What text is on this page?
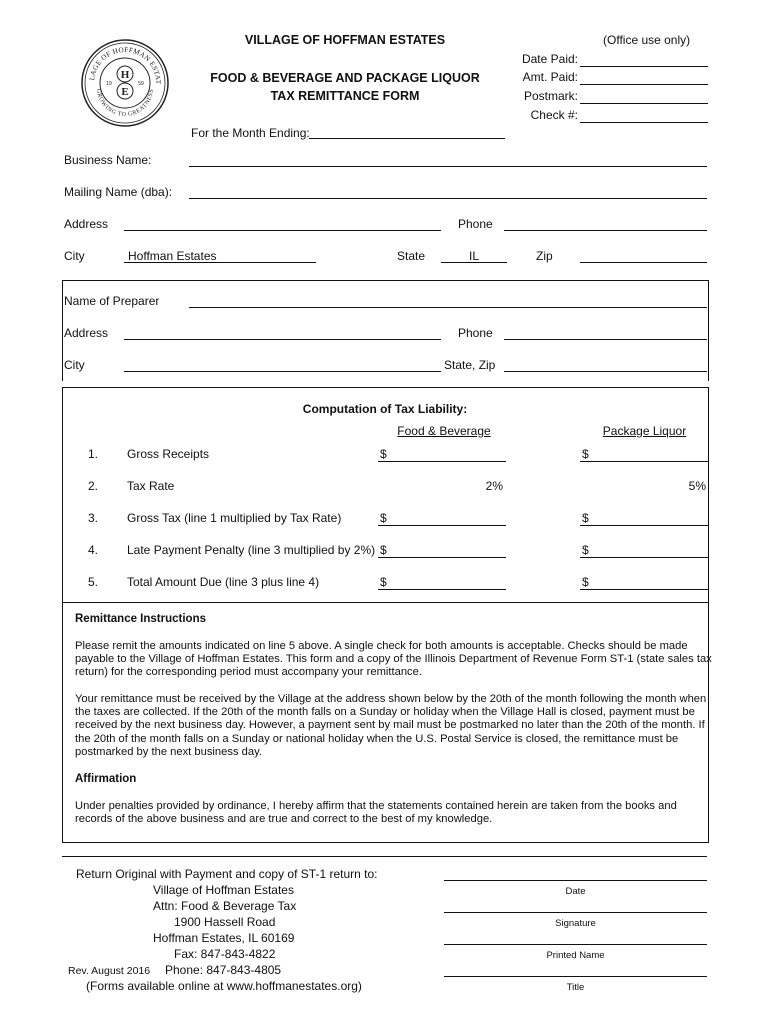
LAGE OF HOFFMAN ESTAT
GROWING TO GREATNESS
H
E
19	59
VILLAGE OF HOFFMAN ESTATES
FOOD & BEVERAGE AND PACKAGE LIQUOR
TAX REMITTANCE FORM
For the Month Ending:
(Office use only)
Date Paid:
Amt. Paid:
Postmark:
Check #:
Business Name:
Mailing Name (dba):
Address	Phone
City	Hoffman Estates	State	IL	Zip
Name of Preparer
Address	Phone
City	State, Zip
Computation of Tax Liability:
Food & Beverage	Package Liquor
1. Gross Receipts	$	$
2. Tax Rate	2%	5%
3. Gross Tax (line 1 multiplied by Tax Rate)	$	$
4. Late Payment Penalty (line 3 multiplied by 2%) $	$
5. Total Amount Due (line 3 plus line 4)	$	$
Remittance Instructions
Please remit the amounts indicated on line 5 above. A single check for both amounts is acceptable. Checks should be made payable to the Village of Hoffman Estates. This form and a copy of the Illinois Department of Revenue Form ST-1 (state sales tax return) for the corresponding period must accompany your remittance.
Your remittance must be received by the Village at the address shown below by the 20th of the month following the month when the taxes are collected. If the 20th of the month falls on a Sunday or holiday when the Village Hall is closed, payment must be received by the next business day. However, a payment sent by mail must be postmarked no later than the 20th of the month. If the 20th of the month falls on a Sunday or national holiday when the U.S. Postal Service is closed, the remittance must be postmarked by the next business day.
Affirmation
Under penalties provided by ordinance, I hereby affirm that the statements contained herein are taken from the books and records of the above business and are true and correct to the best of my knowledge.
Return Original with Payment and copy of ST-1 return to:
Village of Hoffman Estates
Attn: Food & Beverage Tax
1900 Hassell Road
Hoffman Estates, IL 60169
Fax: 847-843-4822
Rev. August 2016 Phone: 847-843-4805
(Forms available online at www.hoffmanestates.org)
Date
Signature
Printed Name
Title
